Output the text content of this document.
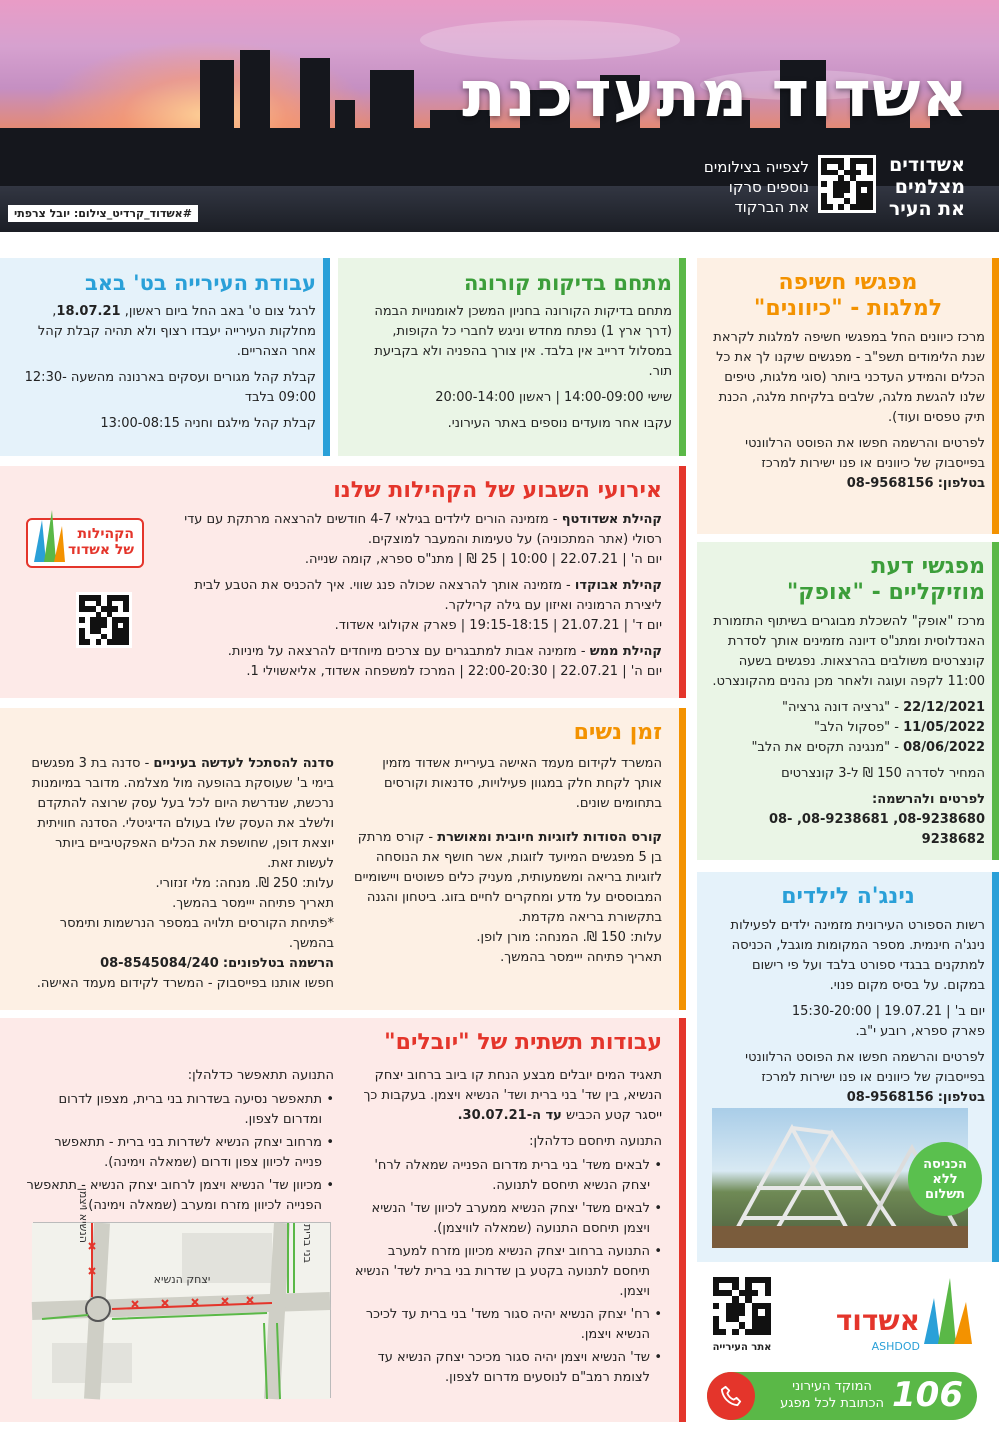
אשדוד מתעדכנת
אשדודים
מצלמים
את העיר
לצפייה בצילומים
נוספים סרקו
את הברקוד
#אשדוד_קרדיט_צילום: יובל צרפתי
מפגשי חשיפה
למלגות - "כיוונים"
מרכז כיוונים החל במפגשי חשיפה למלגות לקראת שנת הלימודים תשפ"ב - מפגשים שיקנו לך את כל הכלים והמידע העדכני ביותר (סוגי מלגות, טיפים שלנו להגשת מלגה, שלבים בלקיחת מלגה, הכנת תיק טפסים ועוד).
לפרטים והרשמה חפשו את הפוסט הרלוונטי בפייסבוק של כיוונים או פנו ישירות למרכז
בטלפון: 08-9568156
מפגשי דעת
מוזיקליים - "אופק"
מרכז "אופק" להשכלת מבוגרים בשיתוף התזמורת האנדלוסית ומתנ"ס דיונה מזמינים אותך לסדרת קונצרטים משולבים בהרצאות. נפגשים בשעה 11:00 לקפה ועוגה ולאחר מכן נהנים מהקונצרט.
22/12/2021 - "גרציה דונה גרציה"
11/05/2022 - "פסקול הלב"
08/06/2022 - "מנגינה תקסים את הלב"
המחיר לסדרה 150 ₪ ל-3 קונצרטים
לפרטים ולהרשמה:
08-9238680, 08-9238681, 08-9238682
נינג'ה לילדים
רשות הספורט העירונית מזמינה ילדים לפעילות נינג'ה חינמית. מספר המקומות מוגבל, הכניסה למתקנים בבגדי ספורט בלבד ועל פי רישום במקום. על בסיס מקום פנוי.
יום ב' | 19.07.21 | 15:30-20:00
פארק ספרא, רובע י"ב.
לפרטים והרשמה חפשו את הפוסט הרלוונטי בפייסבוק של כיוונים או פנו ישירות למרכז
בטלפון: 08-9568156
הכניסה ללא תשלום
מתחם בדיקות קורונה
מתחם בדיקות הקורונה בחניון המשכן לאומנויות הבמה (דרך ארץ 1) נפתח מחדש וניגש לחברי כל הקופות, במסלול דרייב אין בלבד. אין צורך בהפניה ולא בקביעת תור.
שישי 14:00-09:00 | ראשון 20:00-14:00
עקבו אחר מועדים נוספים באתר העירוני.
עבודת העירייה בט' באב
לרגל צום ט' באב החל ביום ראשון, 18.07.21, מחלקות העירייה יעבדו רצוף ולא תהיה קבלת קהל אחר הצהריים.
קבלת קהל מגורים ועסקים בארנונה מהשעה 12:30-09:00 בלבד
קבלת קהל מילגם וחניה 13:00-08:15
אירועי השבוע של הקהילות שלנו
קהילת אשדודטף - מזמינה הורים לילדים בגילאי 4-7 חודשים להרצאה מרתקת עם עדי רסולי (אתר המתכוניה) על טעימות והמעבר למוצקים.
יום ה' | 22.07.21 | 10:00 | 25 ₪ | מתנ"ס ספרא, קומה שנייה.
קהילת אבוקדו - מזמינה אותך להרצאה שכולה פנג שווי. איך להכניס את הטבע לבית ליצירת הרמוניה ואיזון עם גילה קרילקר.
יום ד' | 21.07.21 | 19:15-18:15 | פארק אקולוגי אשדוד.
קהילת ממש - מזמינה אבות למתבגרים עם צרכים מיוחדים להרצאה על מיניות.
יום ה' | 22.07.21 | 22:00-20:30 | המרכז למשפחה אשדוד, אליאשוילי 1.
הקהילות
של אשדוד
זמן נשים
המשרד לקידום מעמד האישה בעיריית אשדוד מזמין אותך לקחת חלק במגוון פעילויות, סדנאות וקורסים בתחומים שונים.
קורס הסודות לזוגיות חיובית ומאושרת - קורס מרתק בן 5 מפגשים המיועד לזוגות, אשר חושף את הנוסחה לזוגיות בריאה ומשמעותית, מעניק כלים פשוטים ויישומיים המבוססים על מדע ומחקרים לחיים בזוג. ביטחון והגנה בתקשורת בריאה מקדמת.
עלות: 150 ₪. המנחה: מורן לופן.
תאריך פתיחה ייימסר בהמשך.
סדנה להסתכל לעדשה בעיניים - סדנה בת 3 מפגשים בימי ב' שעוסקת בהופעה מול מצלמה. מדובר במיומנות נרכשת, שנדרשת היום לכל בעל עסק שרוצה להתקדם ולשלב את העסק שלו בעולם הדיגיטלי. הסדנה חוויתית יוצאת דופן, שחושפת את הכלים האפקטיביים ביותר לעשות זאת.
עלות: 250 ₪. מנחה: מלי זנזורי.
תאריך פתיחה ייימסר בהמשך.
*פתיחת הקורסים תלויה במספר הנרשמות ותימסר בהמשך.
הרשמה בטלפונים: 08-8545084/240
חפשו אותנו בפייסבוק - המשרד לקידום מעמד האישה.
עבודות תשתית של "יובלים"
תאגיד המים יובלים מבצע הנחת קו ביוב ברחוב יצחק הנשיא, בין שד' בני ברית ושד' הנשיא ויצמן. בעקבות כך ייסגר קטע הכביש עד ה-30.07.21.
התנועה תיחסם כדלהלן:
• לבאים משד' בני ברית מדרום הפנייה שמאלה לרח' יצחק הנשיא תיחסם לתנועה.
• לבאים משד' יצחק הנשיא ממערב לכיוון שד' הנשיא ויצמן תיחסם התנועה (שמאלה לוויצמן).
• התנועה ברחוב יצחק הנשיא מכיוון מזרח למערב תיחסם לתנועה בקטע בן שדרות בני ברית לשד' הנשיא ויצמן.
• רח' יצחק הנשיא יהיה סגור משד' בני ברית עד לכיכר הנשיא ויצמן.
• שד' הנשיא ויצמן יהיה סגור מכיכר יצחק הנשיא עד לצומת רמב"ם לנוסעים מדרום לצפון.
התנועה תתאפשר כדלהלן:
• תתאפשר נסיעה בשדרות בני ברית, מצפון לדרום ומדרום לצפון.
• מרחוב יצחק הנשיא לשדרות בני ברית - תתאפשר פנייה לכיוון צפון ודרום (שמאלה וימינה).
• מכיוון שד' הנשיא ויצמן לרחוב יצחק הנשיא - תתאפשר הפנייה לכיוון מזרח ומערב (שמאלה וימינה).
יצחק הנשיא
בני ברית
הנשיא ויצמן
אשדוד
ASHDOD
אתר העירייה
המוקד העירוני
הכתובת לכל מפגע 106
